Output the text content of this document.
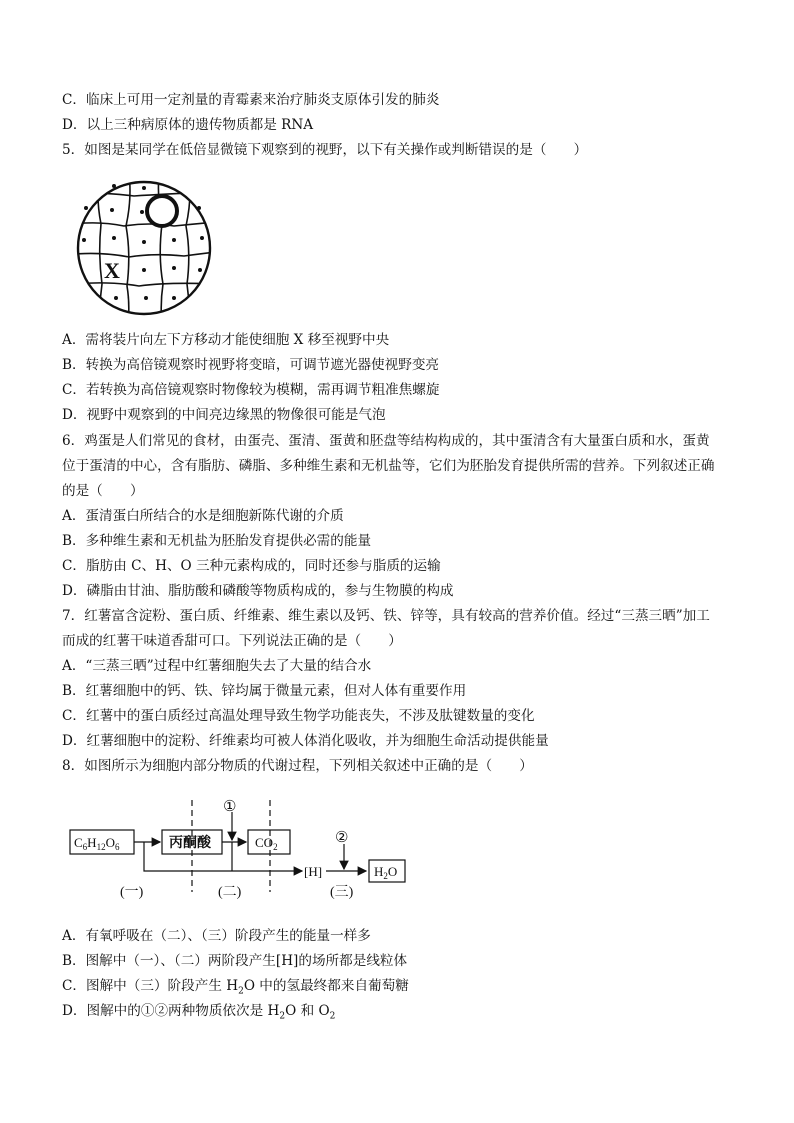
C．临床上可用一定剂量的青霉素来治疗肺炎支原体引发的肺炎
D．以上三种病原体的遗传物质都是 RNA
5．如图是某同学在低倍显微镜下观察到的视野，以下有关操作或判断错误的是（　　）
X
A．需将装片向左下方移动才能使细胞 X 移至视野中央
B．转换为高倍镜观察时视野将变暗，可调节遮光器使视野变亮
C．若转换为高倍镜观察时物像较为模糊，需再调节粗准焦螺旋
D．视野中观察到的中间亮边缘黑的物像很可能是气泡
6．鸡蛋是人们常见的食材，由蛋壳、蛋清、蛋黄和胚盘等结构构成的，其中蛋清含有大量蛋白质和水，蛋黄
位于蛋清的中心，含有脂肪、磷脂、多种维生素和无机盐等，它们为胚胎发育提供所需的营养。下列叙述正确
的是（　　）
A．蛋清蛋白所结合的水是细胞新陈代谢的介质
B．多种维生素和无机盐为胚胎发育提供必需的能量
C．脂肪由 C、H、O 三种元素构成的，同时还参与脂质的运输
D．磷脂由甘油、脂肪酸和磷酸等物质构成的，参与生物膜的构成
7．红薯富含淀粉、蛋白质、纤维素、维生素以及钙、铁、锌等，具有较高的营养价值。经过“三蒸三晒”加工
而成的红薯干味道香甜可口。下列说法正确的是（　　）
A．“三蒸三晒”过程中红薯细胞失去了大量的结合水
B．红薯细胞中的钙、铁、锌均属于微量元素，但对人体有重要作用
C．红薯中的蛋白质经过高温处理导致生物学功能丧失，不涉及肽键数量的变化
D．红薯细胞中的淀粉、纤维素均可被人体消化吸收，并为细胞生命活动提供能量
8．如图所示为细胞内部分物质的代谢过程，下列相关叙述中正确的是（　　）
$C_6H_{12}O_6$	丙酮酸	$CO_2$
[H]	$H_2O$
①
②
(一)	(二)	(三)
A．有氧呼吸在（二）、（三）阶段产生的能量一样多
B．图解中（一）、（二）两阶段产生[H]的场所都是线粒体
C．图解中（三）阶段产生 $H_2O$ 中的氢最终都来自葡萄糖
D．图解中的①②两种物质依次是 $H_2O$ 和 $O_2$
